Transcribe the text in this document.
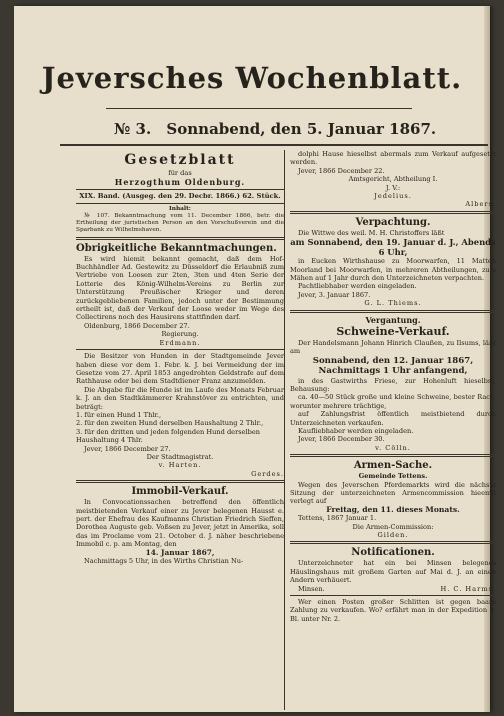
Jeversches Wochenblatt.
№ 3. Sonnabend, den 5. Januar 1867.
Gesetzblatt
für das
Herzogthum Oldenburg.
XIX. Band. (Ausgeg. den 29. Decbr. 1866.) 62. Stück.
Inhalt:

№ 107. Bekanntmachung vom 11. December 1866, betr. die Ertheilung der juristischen Person an den Vorschußverein und die Sparbank zu Wilhelmshaven.

Obrigkeitliche Bekanntmachungen.

Es wird hiemit bekannt gemacht, daß dem Hof-Buchhändler Ad. Gestewitz zu Düsseldorf die Erlaubniß zum Vertriebe von Loosen zur 2ten, 3ten und 4ten Serie der Lotterie des König-Wilhelm-Vereins zu Berlin zur Unterstützung Preußischer Krieger und deren zurückgebliebenen Familien, jedoch unter der Bestimmung ertheilt ist, daß der Verkauf der Loose weder im Wege des Collectirens noch des Hausirens stattfinden darf.

Oldenburg, 1866 December 27.

Regierung.
Erdmann.

Die Besitzer von Hunden in der Stadtgemeinde Jever haben diese vor dem 1. Febr. k. J. bei Vermeidung der im Gesetze vom 27. April 1853 angedrohten Geldstrafe auf dem Rathhause oder bei dem Stadtdiener Franz anzumelden.

Die Abgabe für die Hunde ist im Laufe des Monats Februar k. J. an den Stadtkämmerer Krahnstöver zu entrichten, und beträgt:

1. für einen Hund 1 Thlr.,
2. für den zweiten Hund derselben Haushaltung 2 Thlr.,
3. für den dritten und jeden folgenden Hund derselben Haushaltung 4 Thlr.

Jever, 1866 December 27.

Der Stadtmagistrat.
v. Harten.
Gerdes.
Immobil-Verkauf.

In Convocationssachen betreffend den öffentlich meistbietenden Verkauf einer zu Jever belegenen Hausst e. pert. der Ehefrau des Kaufmanns Christian Friedrich Sieffen, Dorothea Auguste geb. Voßsen zu Jever, jetzt in Amerika, soll das im Proclame vom 21. October d. J. näher beschriebene Immobil c. p. am Montag, den

14. Januar 1867,

Nachmittags 5 Uhr, in des Wirths Christian Nu-

dolphi Hause hieselbst abermals zum Verkauf aufgesetzt werden.

Jever, 1866 December 22.

Amtsgericht, Abtheilung I.
J. V.:
Jedelius.
Albers.
Verpachtung.

Die Wittwe des weil. M. H. Christoffers läßt

am Sonnabend, den 19. Januar d. J., Abends 6 Uhr,

in Eucken Wirthshause zu Moorwarfen, 11 Matten Moorland bei Moorwarfen, in mehreren Abtheilungen, zum Mähen auf 1 Jahr durch den Unterzeichneten verpachten.

Pachtliebhaber werden eingeladen.

Jever, 3. Januar 1867.

G. L. Thiems.
Vergantung.
Schweine-Verkauf.

Der Handelsmann Johann Hinrich Claußen, zu Ilsums, läßt am

Sonnabend, den 12. Januar 1867,
Nachmittags 1 Uhr anfangend,

in des Gastwirths Friese, zur Hohenluft hieselbst, Behausung:

ca. 40—50 Stück große und kleine Schweine, bester Race, worunter mehrere trächtige,

auf Zahlungsfrist öffentlich meistbietend durch Unterzeichneten verkaufen.

Kaufliebhaber werden eingeladen.

Jever, 1866 December 30.

v. Cölln.
Armen-Sache.
Gemeinde Tettens.

Wegen des Jeverschen Pferdemarkts wird die nächste Sitzung der unterzeichneten Armencommission hieemit verlegt auf

Freitag, den 11. dieses Monats.

Tettens, 1867 Januar 1.

Die Armen-Commission:
Gilden.
Notificationen.

Unterzeichneter hat ein bei Minsen belegenes Häuslingshaus mit großem Garten auf Mai d. J. an einen Andern verhäuert.

Minsen.	H. C. Harms.

Wer einen Posten großer Schlitten ist gegen baare Zahlung zu verkaufen. Wo? erfährt man in der Expedition d. Bl. unter Nr. 2.
